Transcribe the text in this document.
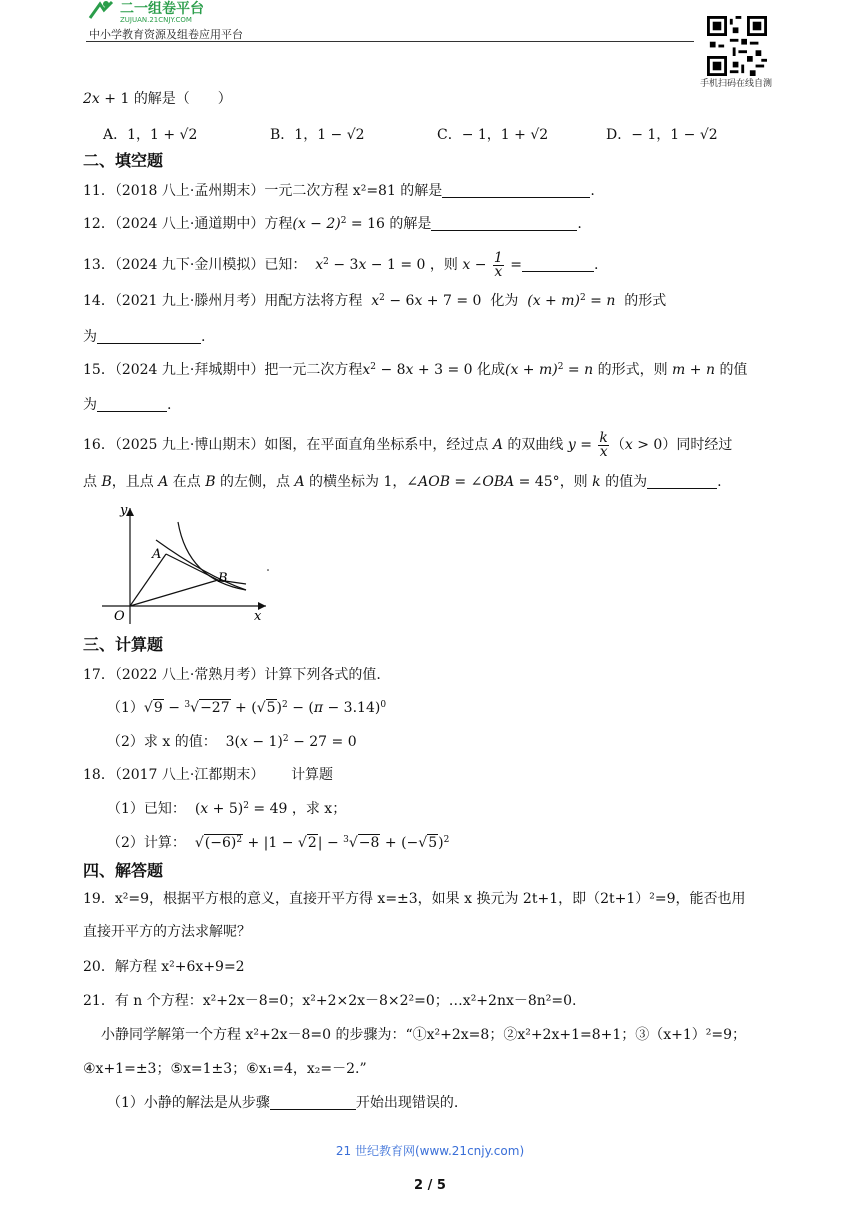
二一组卷平台
ZUJUAN.21CNJY.COM
中小学教育资源及组卷应用平台
手机扫码在线自测
2x + 1 的解是（　　）
A．1，1 + √2	B．1，1 − √2	C．− 1，1 + √2	D．− 1，1 − √2
二、填空题
11．（2018 八上·孟州期末）一元二次方程 x²=81 的解是	.
12．（2024 八上·通道期中）方程$(x - 2)^2 = 16$ 的解是	.
13．（2024 九下·金川模拟）已知： $x^2 - 3x - 1 = 0$ ，则 $x - \frac{1}{x}$ =	.
14．（2021 九上·滕州月考）用配方法将方程 $x^2 - 6x + 7 = 0$  化为 $(x + m)^2 = n$ 的形式
为	.
15．（2024 九上·拜城期中）把一元二次方程$x^2 - 8x + 3 = 0$ 化成$(x + m)^2 = n$ 的形式，则 m + n 的值
为	.
16．（2025 九上·博山期末）如图，在平面直角坐标系中，经过点 A 的双曲线 $y = \frac{k}{x} (x > 0)$同时经过
点 B，且点 A 在点 B 的左侧，点 A 的横坐标为 1，∠AOB = ∠OBA = 45°，则 k 的值为	.
y
x
A
B
O
三、计算题
17．（2022 八上·常熟月考）计算下列各式的值.
$(1)√9 - ^3√-27 + (√5)^2 - (\pi - 3.14)^0$
（2）求 x 的值：  $3(x - 1)^2 - 27 = 0$
18．（2017 八上·江都期末） 计算题
（1）已知：  $(x + 5)^2 = 49$ ，求 x；
（2）计算：  $√(-6)^2 + |1 - √2| - ^3√-8 + (-√5)^2$
四、解答题
19．x²=9，根据平方根的意义，直接开平方得 x=±3，如果 x 换元为 2t+1，即（2t+1）²=9，能否也用
直接开平方的方法求解呢？
20．解方程 x²+6x+9=2
21．有 n 个方程：x²+2x－8=0；x²+2×2x－8×2²=0；…x²+2nx－8n²=0.
小静同学解第一个方程 x²+2x－8=0 的步骤为：“①x²+2x=8；②x²+2x+1=8+1；③（x+1）²=9；
④x+1=±3；⑤x=1±3；⑥x₁=4，x₂=－2.”
（1）小静的解法是从步骤	开始出现错误的.
21 世纪教育网(www.21cnjy.com)
2 / 5
